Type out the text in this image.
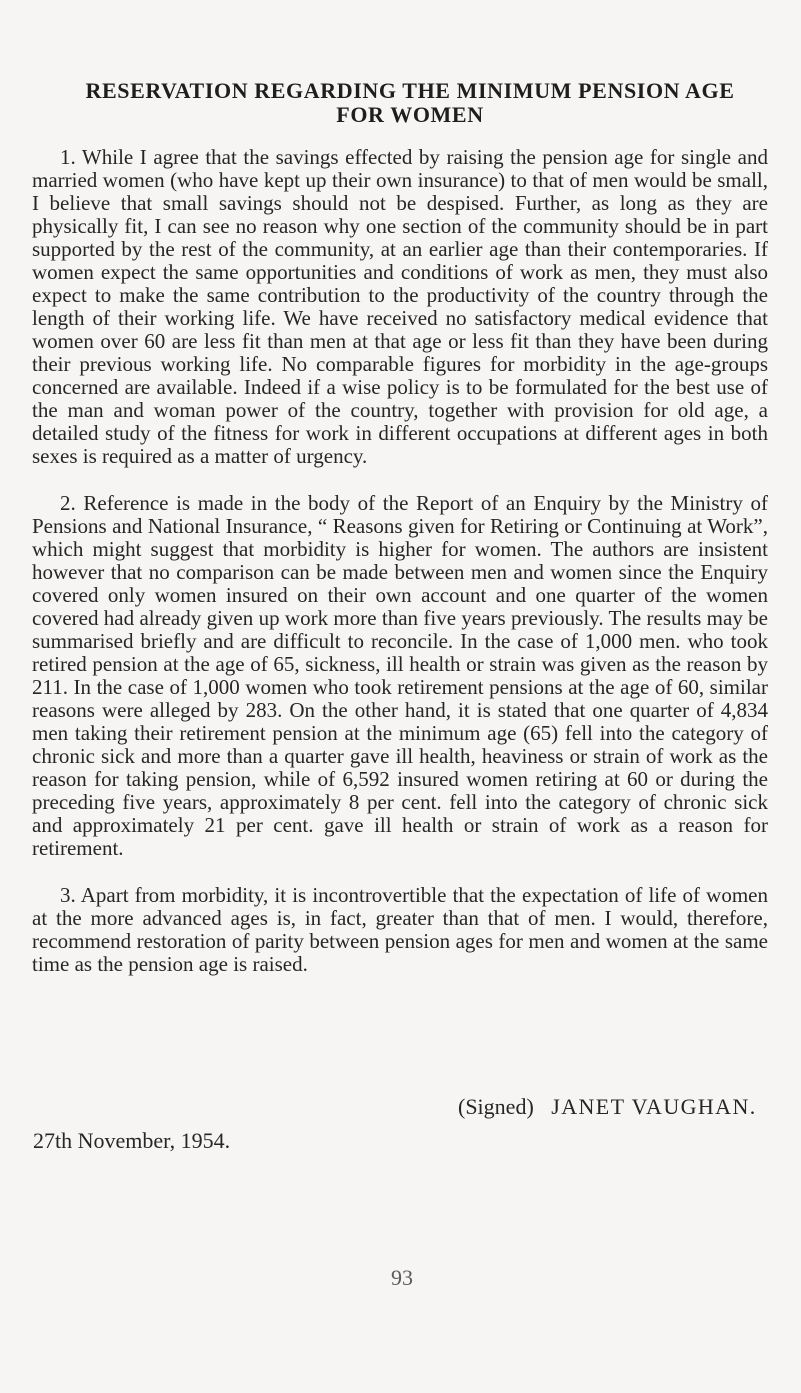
RESERVATION REGARDING THE MINIMUM PENSION AGE
FOR WOMEN

1. While I agree that the savings effected by raising the pension age for single and married women (who have kept up their own insurance) to that of men would be small, I believe that small savings should not be despised. Further, as long as they are physically fit, I can see no reason why one section of the community should be in part supported by the rest of the community, at an earlier age than their contemporaries. If women expect the same opportunities and conditions of work as men, they must also expect to make the same contribution to the productivity of the country through the length of their working life. We have received no satisfactory medical evidence that women over 60 are less fit than men at that age or less fit than they have been during their previous working life. No comparable figures for morbidity in the age-groups concerned are available. Indeed if a wise policy is to be formulated for the best use of the man and woman power of the country, together with provision for old age, a detailed study of the fitness for work in different occupations at different ages in both sexes is required as a matter of urgency.

2. Reference is made in the body of the Report of an Enquiry by the Ministry of Pensions and National Insurance, “ Reasons given for Retiring or Continuing at Work”, which might suggest that morbidity is higher for women. The authors are insistent however that no comparison can be made between men and women since the Enquiry covered only women insured on their own account and one quarter of the women covered had already given up work more than five years previously. The results may be summarised briefly and are difficult to reconcile. In the case of 1,000 men. who took retired pension at the age of 65, sickness, ill health or strain was given as the reason by 211. In the case of 1,000 women who took retirement pensions at the age of 60, similar reasons were alleged by 283. On the other hand, it is stated that one quarter of 4,834 men taking their retirement pension at the minimum age (65) fell into the category of chronic sick and more than a quarter gave ill health, heaviness or strain of work as the reason for taking pension, while of 6,592 insured women retiring at 60 or during the preceding five years, approximately 8 per cent. fell into the category of chronic sick and approximately 21 per cent. gave ill health or strain of work as a reason for retirement.

3. Apart from morbidity, it is incontrovertible that the expectation of life of women at the more advanced ages is, in fact, greater than that of men. I would, therefore, recommend restoration of parity between pension ages for men and women at the same time as the pension age is raised.

(Signed) JANET VAUGHAN.
27th November, 1954.
93
